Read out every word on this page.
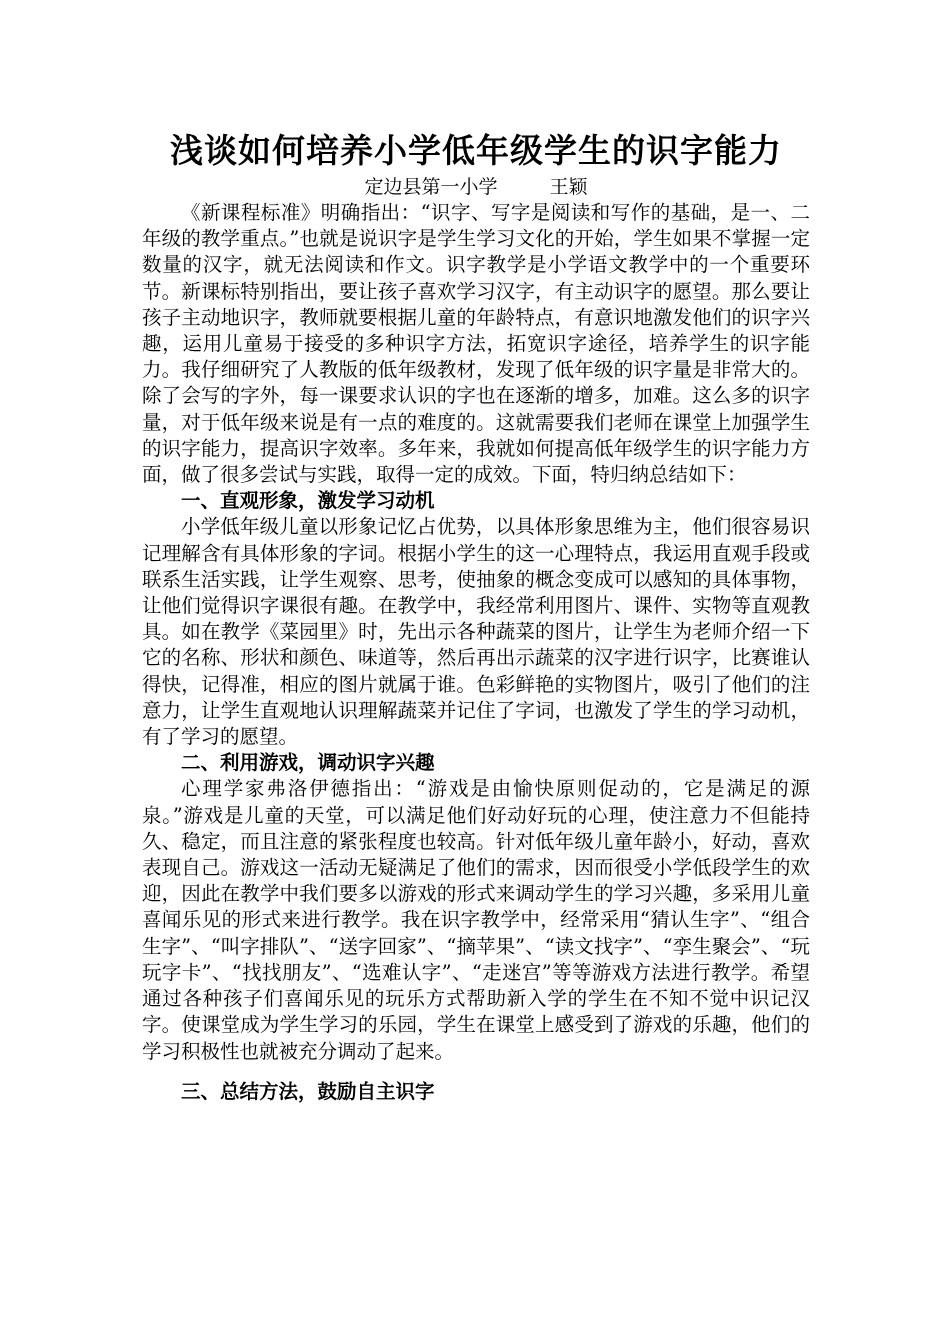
浅谈如何培养小学低年级学生的识字能力
定边县第一小学	王颖

《新课程标准》明确指出：“识字、写字是阅读和写作的基础，是一、二年级的教学重点。”也就是说识字是学生学习文化的开始，学生如果不掌握一定数量的汉字，就无法阅读和作文。识字教学是小学语文教学中的一个重要环节。新课标特别指出，要让孩子喜欢学习汉字，有主动识字的愿望。那么要让孩子主动地识字，教师就要根据儿童的年龄特点，有意识地激发他们的识字兴趣，运用儿童易于接受的多种识字方法，拓宽识字途径，培养学生的识字能力。我仔细研究了人教版的低年级教材，发现了低年级的识字量是非常大的。除了会写的字外，每一课要求认识的字也在逐渐的增多，加难。这么多的识字量，对于低年级来说是有一点的难度的。这就需要我们老师在课堂上加强学生的识字能力，提高识字效率。多年来，我就如何提高低年级学生的识字能力方面，做了很多尝试与实践，取得一定的成效。下面，特归纳总结如下：

一、直观形象，激发学习动机

小学低年级儿童以形象记忆占优势，以具体形象思维为主，他们很容易识记理解含有具体形象的字词。根据小学生的这一心理特点，我运用直观手段或联系生活实践，让学生观察、思考，使抽象的概念变成可以感知的具体事物，让他们觉得识字课很有趣。在教学中，我经常利用图片、课件、实物等直观教具。如在教学《菜园里》时，先出示各种蔬菜的图片，让学生为老师介绍一下它的名称、形状和颜色、味道等，然后再出示蔬菜的汉字进行识字，比赛谁认得快，记得准，相应的图片就属于谁。色彩鲜艳的实物图片，吸引了他们的注意力，让学生直观地认识理解蔬菜并记住了字词，也激发了学生的学习动机，有了学习的愿望。

二、利用游戏，调动识字兴趣

心理学家弗洛伊德指出：“游戏是由愉快原则促动的，它是满足的源泉。”游戏是儿童的天堂，可以满足他们好动好玩的心理，使注意力不但能持久、稳定，而且注意的紧张程度也较高。针对低年级儿童年龄小，好动，喜欢表现自己。游戏这一活动无疑满足了他们的需求，因而很受小学低段学生的欢迎，因此在教学中我们要多以游戏的形式来调动学生的学习兴趣，多采用儿童喜闻乐见的形式来进行教学。我在识字教学中，经常采用“猜认生字”、“组合生字”、“叫字排队”、“送字回家”、“摘苹果”、“读文找字”、“孪生聚会”、“玩玩字卡”、“找找朋友”、“选难认字”、“走迷宫”等等游戏方法进行教学。希望通过各种孩子们喜闻乐见的玩乐方式帮助新入学的学生在不知不觉中识记汉字。使课堂成为学生学习的乐园，学生在课堂上感受到了游戏的乐趣，他们的学习积极性也就被充分调动了起来。

三、总结方法，鼓励自主识字
